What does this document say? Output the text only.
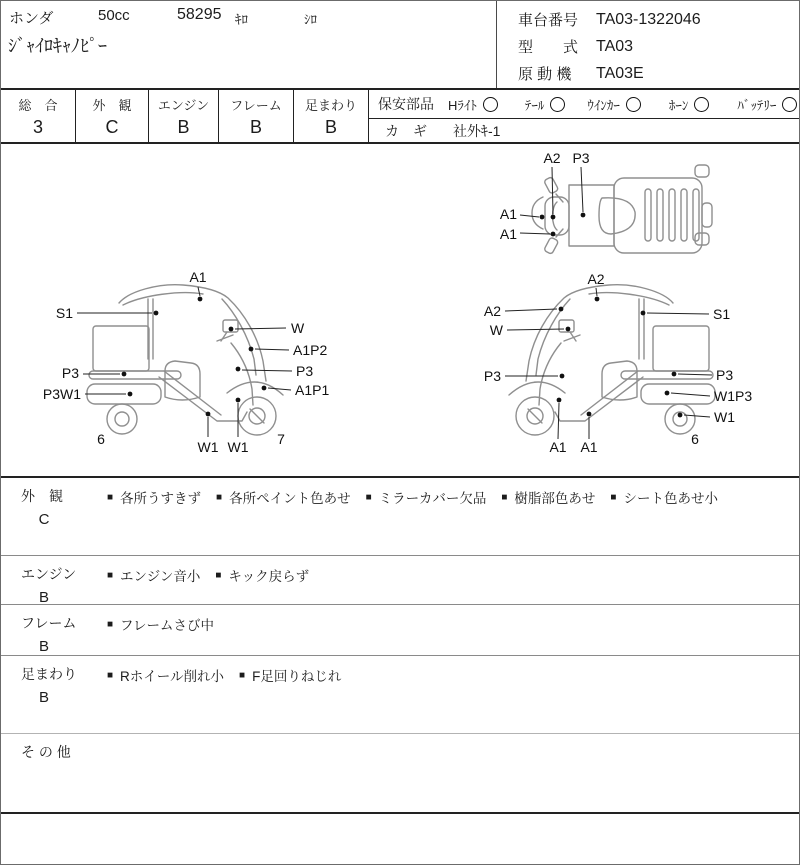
ホンダ	50cc	58295 ｷﾛ	ｼﾛ
ｼﾞｬｲﾛｷｬﾉﾋﾟｰ
車台番号	TA03-1322046
型　　式	TA03
原 動 機	TA03E
総　合
3
外　観
C
エンジン
B
フレーム
B
足まわり
B
保安部品 Hﾗｲﾄ	ﾃｰﾙ	ｳｲﾝｶｰ	ﾎｰﾝ	ﾊﾞｯﾃﾘｰ
カ　ギ 社外ｷ-1
A2 P3
A1
A1
A1
S1
W
A1P2
P3
A1P1
P3
P3W1
W1 W1
6	7
A2
A2
W
P3
S1
P3
W1P3
W1
A1 A1	6
外　観
C
■ 各所うすきず ■ 各所ペイント色あせ ■ ミラーカバー欠品 ■ 樹脂部色あせ ■ シート色あせ小
エンジン
B
■ エンジン音小 ■ キック戻らず
フレーム
B
■ フレームさび中
足まわり
B
■ Rホイール削れ小 ■ F足回りねじれ
そ の 他
